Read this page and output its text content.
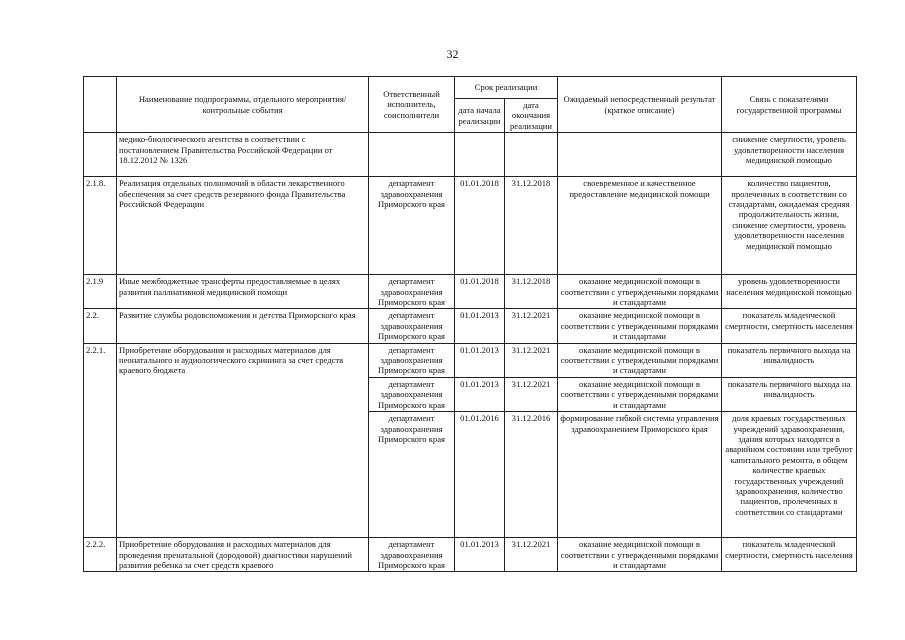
32
	Наименование подпрограммы, отдельного мероприятия/контрольные события	Ответственный исполнитель, соисполнители	Срок реализации		Ожидаемый непосредственный результат (краткое описание)	Связь с показателями государственной программы
			дата начала реализации	дата окончания реализации		
	медико-биологического агентства в соответствии с постановлением Правительства Российской Федерации от 18.12.2012 № 1326					снижение смертности, уровень удовлетворенности населения медицинской помощью
2.1.8.	Реализация отдельных полномочий в области лекарственного обеспечения за счет средств резервного фонда Правительства Российской Федерации	департамент здравоохранения Приморского края	01.01.2018	31.12.2018	своевременное и качественное предоставление медицинской помощи	количество пациентов, пролеченных в соответствии со стандартами, ожидаемая средняя продолжительность жизни, снижение смертности, уровень удовлетворенности населения медицинской помощью
2.1.9	Иные межбюджетные трансферты предоставляемые в целях развития паллиативной медицинской помощи	департамент здравоохранения Приморского края	01.01.2018	31.12.2018	оказание медицинской помощи в соответствии с утвержденными порядками и стандартами	уровень удовлетворенности населения медицинской помощью
2.2.	Развитие службы родовспоможения и детства Приморского края	департамент здравоохранения Приморского края	01.01.2013	31.12.2021	оказание медицинской помощи в соответствии с утвержденными порядками и стандартами	показатель младенческой смертности, смертность населения
2.2.1.	Приобретение оборудования и расходных материалов для неонатального и аудиологического скрининга за счет средств краевого бюджета	департамент здравоохранения Приморского края	01.01.2013	31.12.2021	оказание медицинской помощи в соответствии с утвержденными порядками и стандартами	показатель первичного выхода на инвалидность
		департамент здравоохранения Приморского края	01.01.2013	31.12.2021	оказание медицинской помощи в соответствии с утвержденными порядками и стандартами	показатель первичного выхода на инвалидность
		департамент здравоохранения Приморского края	01.01.2016	31.12.2016	формирование гибкой системы управления здравоохранением Приморского края	доля краевых государственных учреждений здравоохранения, здания которых находятся в аварийном состоянии или требуют капитального ремонта, в общем количестве краевых государственных учреждений здравоохранения, количество пациентов, пролеченных в соответствии со стандартами
2.2.2.	Приобретение оборудования и расходных материалов для проведения пренатальной (дородовой) диагностики нарушений развития ребенка за счет средств краевого	департамент здравоохранения Приморского края	01.01.2013	31.12.2021	оказание медицинской помощи в соответствии с утвержденными порядками и стандартами	показатель младенческой смертности, смертность населения
